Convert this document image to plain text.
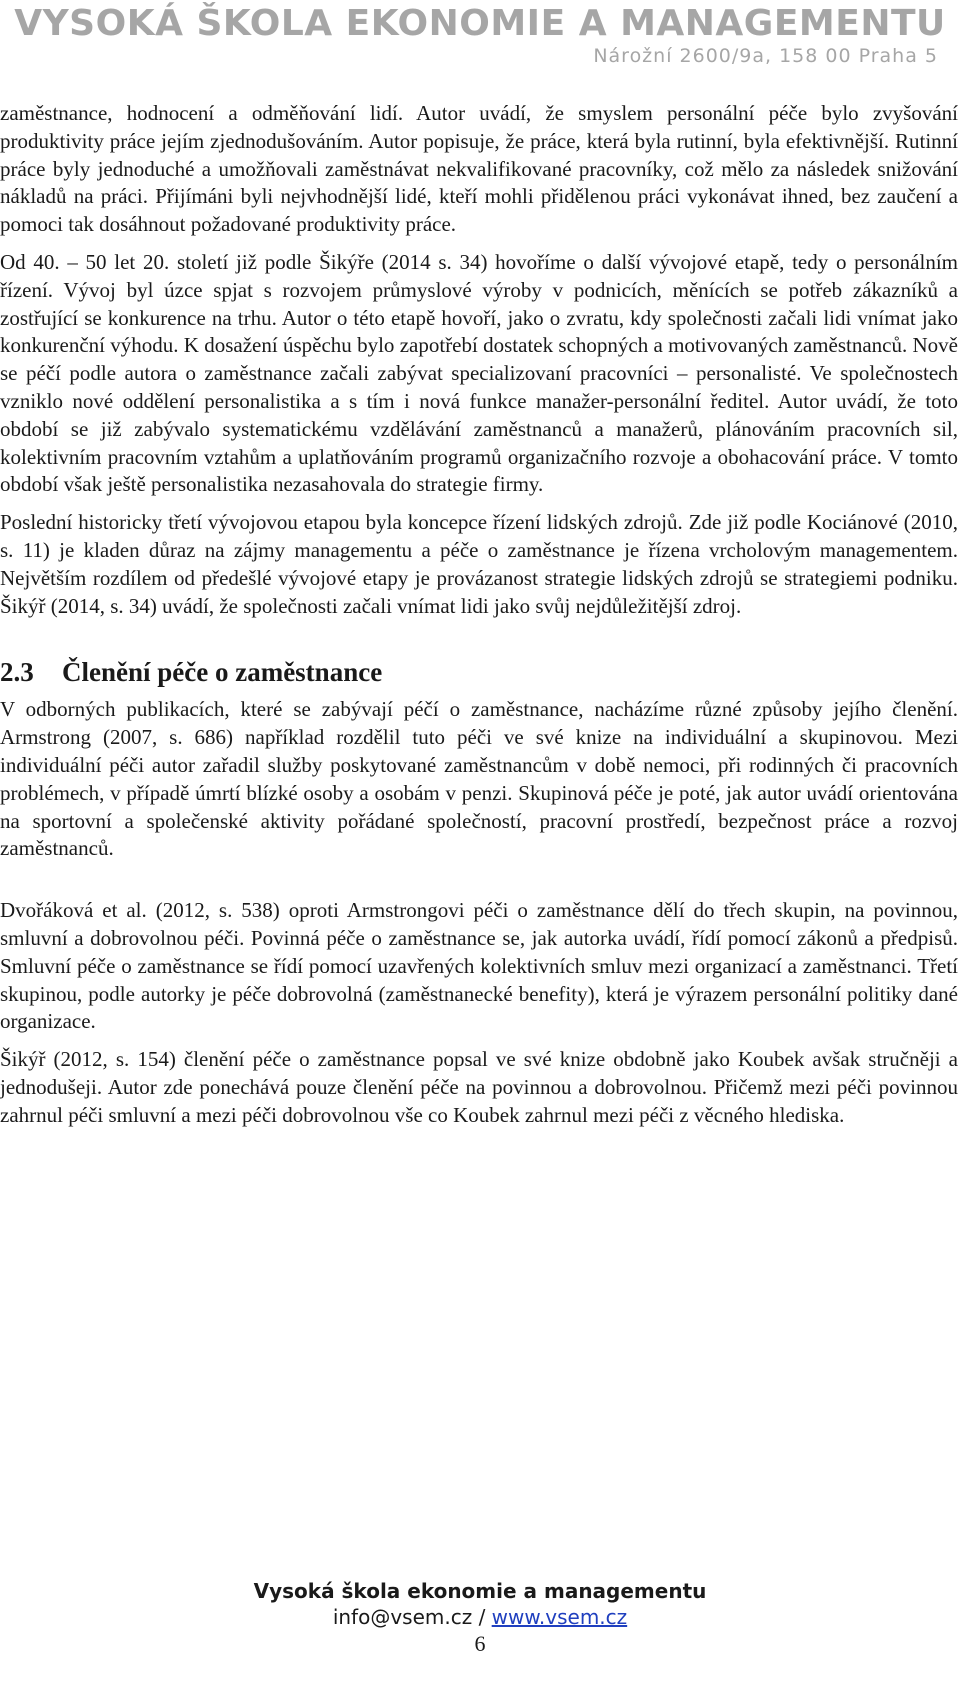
VYSOKÁ ŠKOLA EKONOMIE A MANAGEMENTU
Nárožní 2600/9a, 158 00 Praha 5

zaměstnance, hodnocení a odměňování lidí. Autor uvádí, že smyslem personální péče bylo zvyšování produktivity práce jejím zjednodušováním. Autor popisuje, že práce, která byla rutinní, byla efektivnější. Rutinní práce byly jednoduché a umožňovali zaměstnávat nekvalifikované pracovníky, což mělo za následek snižování nákladů na práci. Přijímáni byli nejvhodnější lidé, kteří mohli přidělenou práci vykonávat ihned, bez zaučení a pomoci tak dosáhnout požadované produktivity práce.

Od 40. – 50 let 20. století již podle Šikýře (2014 s. 34) hovoříme o další vývojové etapě, tedy o personálním řízení. Vývoj byl úzce spjat s rozvojem průmyslové výroby v podnicích, měnících se potřeb zákazníků a zostřující se konkurence na trhu. Autor o této etapě hovoří, jako o zvratu, kdy společnosti začali lidi vnímat jako konkurenční výhodu. K dosažení úspěchu bylo zapotřebí dostatek schopných a motivovaných zaměstnanců. Nově se péčí podle autora o zaměstnance začali zabývat specializovaní pracovníci – personalisté. Ve společnostech vzniklo nové oddělení personalistika a s tím i nová funkce manažer-personální ředitel. Autor uvádí, že toto období se již zabývalo systematickému vzdělávání zaměstnanců a manažerů, plánováním pracovních sil, kolektivním pracovním vztahům a uplatňováním programů organizačního rozvoje a obohacování práce. V tomto období však ještě personalistika nezasahovala do strategie firmy.

Poslední historicky třetí vývojovou etapou byla koncepce řízení lidských zdrojů. Zde již podle Kociánové (2010, s. 11) je kladen důraz na zájmy managementu a péče o zaměstnance je řízena vrcholovým managementem. Největším rozdílem od předešlé vývojové etapy je provázanost strategie lidských zdrojů se strategiemi podniku. Šikýř (2014, s. 34) uvádí, že společnosti začali vnímat lidi jako svůj nejdůležitější zdroj.

2.3 Členění péče o zaměstnance

V odborných publikacích, které se zabývají péčí o zaměstnance, nacházíme různé způsoby jejího členění. Armstrong (2007, s. 686) například rozdělil tuto péči ve své knize na individuální a skupinovou. Mezi individuální péči autor zařadil služby poskytované zaměstnancům v době nemoci, při rodinných či pracovních problémech, v případě úmrtí blízké osoby a osobám v penzi. Skupinová péče je poté, jak autor uvádí orientována na sportovní a společenské aktivity pořádané společností, pracovní prostředí, bezpečnost práce a rozvoj zaměstnanců.

Dvořáková et al. (2012, s. 538) oproti Armstrongovi péči o zaměstnance dělí do třech skupin, na povinnou, smluvní a dobrovolnou péči. Povinná péče o zaměstnance se, jak autorka uvádí, řídí pomocí zákonů a předpisů. Smluvní péče o zaměstnance se řídí pomocí uzavřených kolektivních smluv mezi organizací a zaměstnanci. Třetí skupinou, podle autorky je péče dobrovolná (zaměstnanecké benefity), která je výrazem personální politiky dané organizace.

Šikýř (2012, s. 154) členění péče o zaměstnance popsal ve své knize obdobně jako Koubek avšak stručněji a jednodušeji. Autor zde ponechává pouze členění péče na povinnou a dobrovolnou. Přičemž mezi péči povinnou zahrnul péči smluvní a mezi péči dobrovolnou vše co Koubek zahrnul mezi péči z věcného hlediska.

Vysoká škola ekonomie a managementu
info@vsem.cz / www.vsem.cz
6
